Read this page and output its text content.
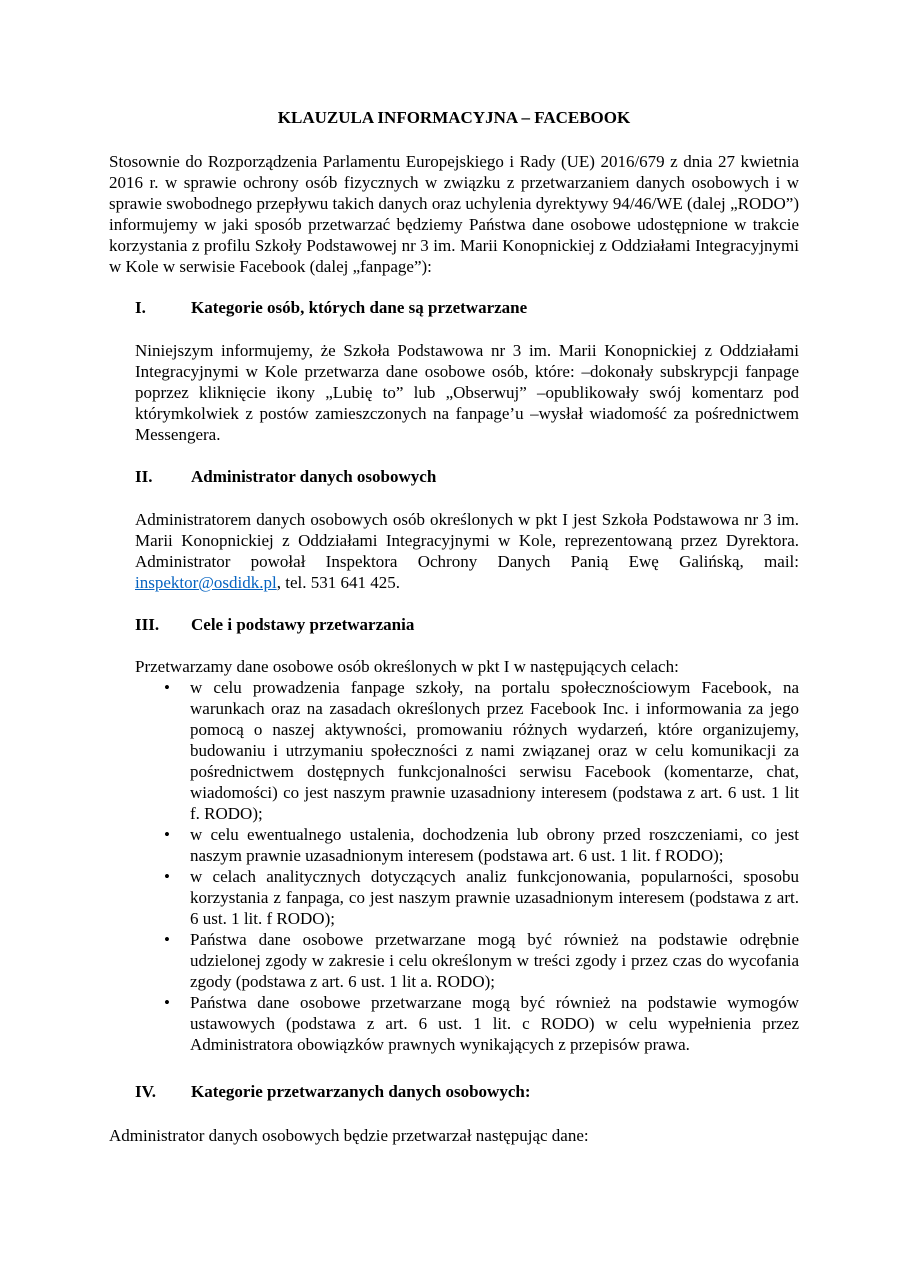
KLAUZULA INFORMACYJNA – FACEBOOK

Stosownie do Rozporządzenia Parlamentu Europejskiego i Rady (UE) 2016/679 z dnia 27 kwietnia 2016 r. w sprawie ochrony osób fizycznych w związku z przetwarzaniem danych osobowych i w sprawie swobodnego przepływu takich danych oraz uchylenia dyrektywy 94/46/WE (dalej „RODO”) informujemy w jaki sposób przetwarzać będziemy Państwa dane osobowe udostępnione w trakcie korzystania z profilu Szkoły Podstawowej nr 3 im. Marii Konopnickiej z Oddziałami Integracyjnymi w Kole w serwisie Facebook (dalej „fanpage”):

I.	Kategorie osób, których dane są przetwarzane

Niniejszym informujemy, że Szkoła Podstawowa nr 3 im. Marii Konopnickiej z Oddziałami Integracyjnymi w Kole przetwarza dane osobowe osób, które: –dokonały subskrypcji fanpage poprzez kliknięcie ikony „Lubię to” lub „Obserwuj” –opublikowały swój komentarz pod którymkolwiek z postów zamieszczonych na fanpage’u –wysłał wiadomość za pośrednictwem Messengera.

II.	Administrator danych osobowych

Administratorem danych osobowych osób określonych w pkt I jest Szkoła Podstawowa nr 3 im. Marii Konopnickiej z Oddziałami Integracyjnymi w Kole, reprezentowaną przez Dyrektora. Administrator powołał Inspektora Ochrony Danych Panią Ewę Galińską, mail: inspektor@osdidk.pl, tel. 531 641 425.

III.	Cele i podstawy przetwarzania

Przetwarzamy dane osobowe osób określonych w pkt I w następujących celach:

• w celu prowadzenia fanpage szkoły, na portalu społecznościowym Facebook, na warunkach oraz na zasadach określonych przez Facebook Inc. i informowania za jego pomocą o naszej aktywności, promowaniu różnych wydarzeń, które organizujemy, budowaniu i utrzymaniu społeczności z nami związanej oraz w celu komunikacji za pośrednictwem dostępnych funkcjonalności serwisu Facebook (komentarze, chat, wiadomości) co jest naszym prawnie uzasadniony interesem (podstawa z art. 6 ust. 1 lit f. RODO);
• w celu ewentualnego ustalenia, dochodzenia lub obrony przed roszczeniami, co jest naszym prawnie uzasadnionym interesem (podstawa art. 6 ust. 1 lit. f RODO);
• w celach analitycznych dotyczących analiz funkcjonowania, popularności, sposobu korzystania z fanpaga, co jest naszym prawnie uzasadnionym interesem (podstawa z art. 6 ust. 1 lit. f RODO);
• Państwa dane osobowe przetwarzane mogą być również na podstawie odrębnie udzielonej zgody w zakresie i celu określonym w treści zgody i przez czas do wycofania zgody (podstawa z art. 6 ust. 1 lit a. RODO);
• Państwa dane osobowe przetwarzane mogą być również na podstawie wymogów ustawowych (podstawa z art. 6 ust. 1 lit. c RODO) w celu wypełnienia przez Administratora obowiązków prawnych wynikających z przepisów prawa.
IV.	Kategorie przetwarzanych danych osobowych:

Administrator danych osobowych będzie przetwarzał następując dane:
